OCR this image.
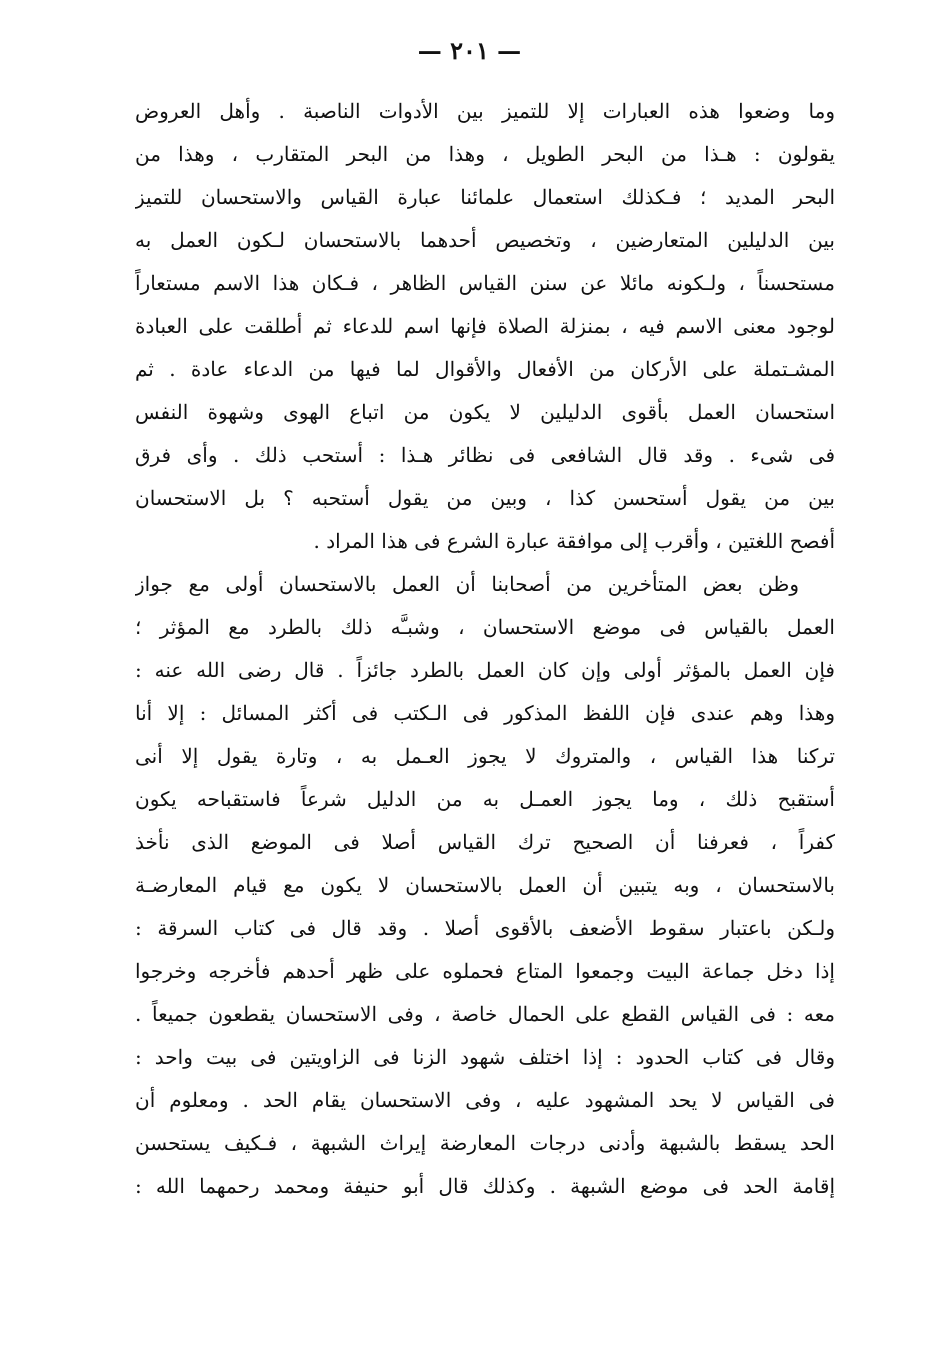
— ٢٠١ —
وما وضعوا هذه العبارات إلا للتميز بين الأدوات الناصبة . وأهل العروض
يقولون : هـذا من البحر الطويل ، وهذا من البحر المتقارب ، وهذا من
البحر المديد ؛ فـكذلك استعمال علمائنا عبارة القياس والاستحسان للتميز
بين الدليلين المتعارضين ، وتخصيص أحدهما بالاستحسان لـكون العمل به
مستحسناً ، ولـكونه مائلا عن سنن القياس الظاهر ، فـكان هذا الاسم مستعاراً
لوجود معنى الاسم فيه ، بمنزلة الصلاة فإنها اسم للدعاء ثم أطلقت على العبادة
المشـتملة على الأركان من الأفعال والأقوال لما فيها من الدعاء عادة . ثم
استحسان العمل بأقوى الدليلين لا يكون من اتباع الهوى وشهوة النفس
فى شىء . وقد قال الشافعى فى نظائر هـذا : أستحب ذلك . وأى فرق
بين من يقول أستحسن كذا ، وبين من يقول أستحبه ؟ بل الاستحسان
أفصح اللغتين ، وأقرب إلى موافقة عبارة الشرع فى هذا المراد .
وظن بعض المتأخرين من أصحابنا أن العمل بالاستحسان أولى مع جواز
العمل بالقياس فى موضع الاستحسان ، وشبـَّه ذلك بالطرد مع المؤثر ؛
فإن العمل بالمؤثر أولى وإن كان العمل بالطرد جائزاً . قال رضى الله عنه :
وهذا وهم عندى فإن اللفظ المذكور فى الـكتب فى أكثر المسائل : إلا أنا
تركنا هذا القياس ، والمتروك لا يجوز العـمل به ، وتارة يقول إلا أنى
أستقبح ذلك ، وما يجوز العمـل به من الدليل شرعاً فاستقباحه يكون
كفراً ، فعرفنا أن الصحيح ترك القياس أصلا فى الموضع الذى نأخذ
بالاستحسان ، وبه يتبين أن العمل بالاستحسان لا يكون مع قيام المعارضـة
ولـكن باعتبار سقوط الأضعف بالأقوى أصلا . وقد قال فى كتاب السرقة :
إذا دخل جماعة البيت وجمعوا المتاع فحملوه على ظهر أحدهم فأخرجه وخرجوا
معه : فى القياس القطع على الحمال خاصة ، وفى الاستحسان يقطعون جميعاً .
وقال فى كتاب الحدود : إذا اختلف شهود الزنا فى الزاويتين فى بيت واحد :
فى القياس لا يحد المشهود عليه ، وفى الاستحسان يقام الحد . ومعلوم أن
الحد يسقط بالشبهة وأدنى درجات المعارضة إيراث الشبهة ، فـكيف يستحسن
إقامة الحد فى موضع الشبهة . وكذلك قال أبو حنيفة ومحمد رحمهما الله :
